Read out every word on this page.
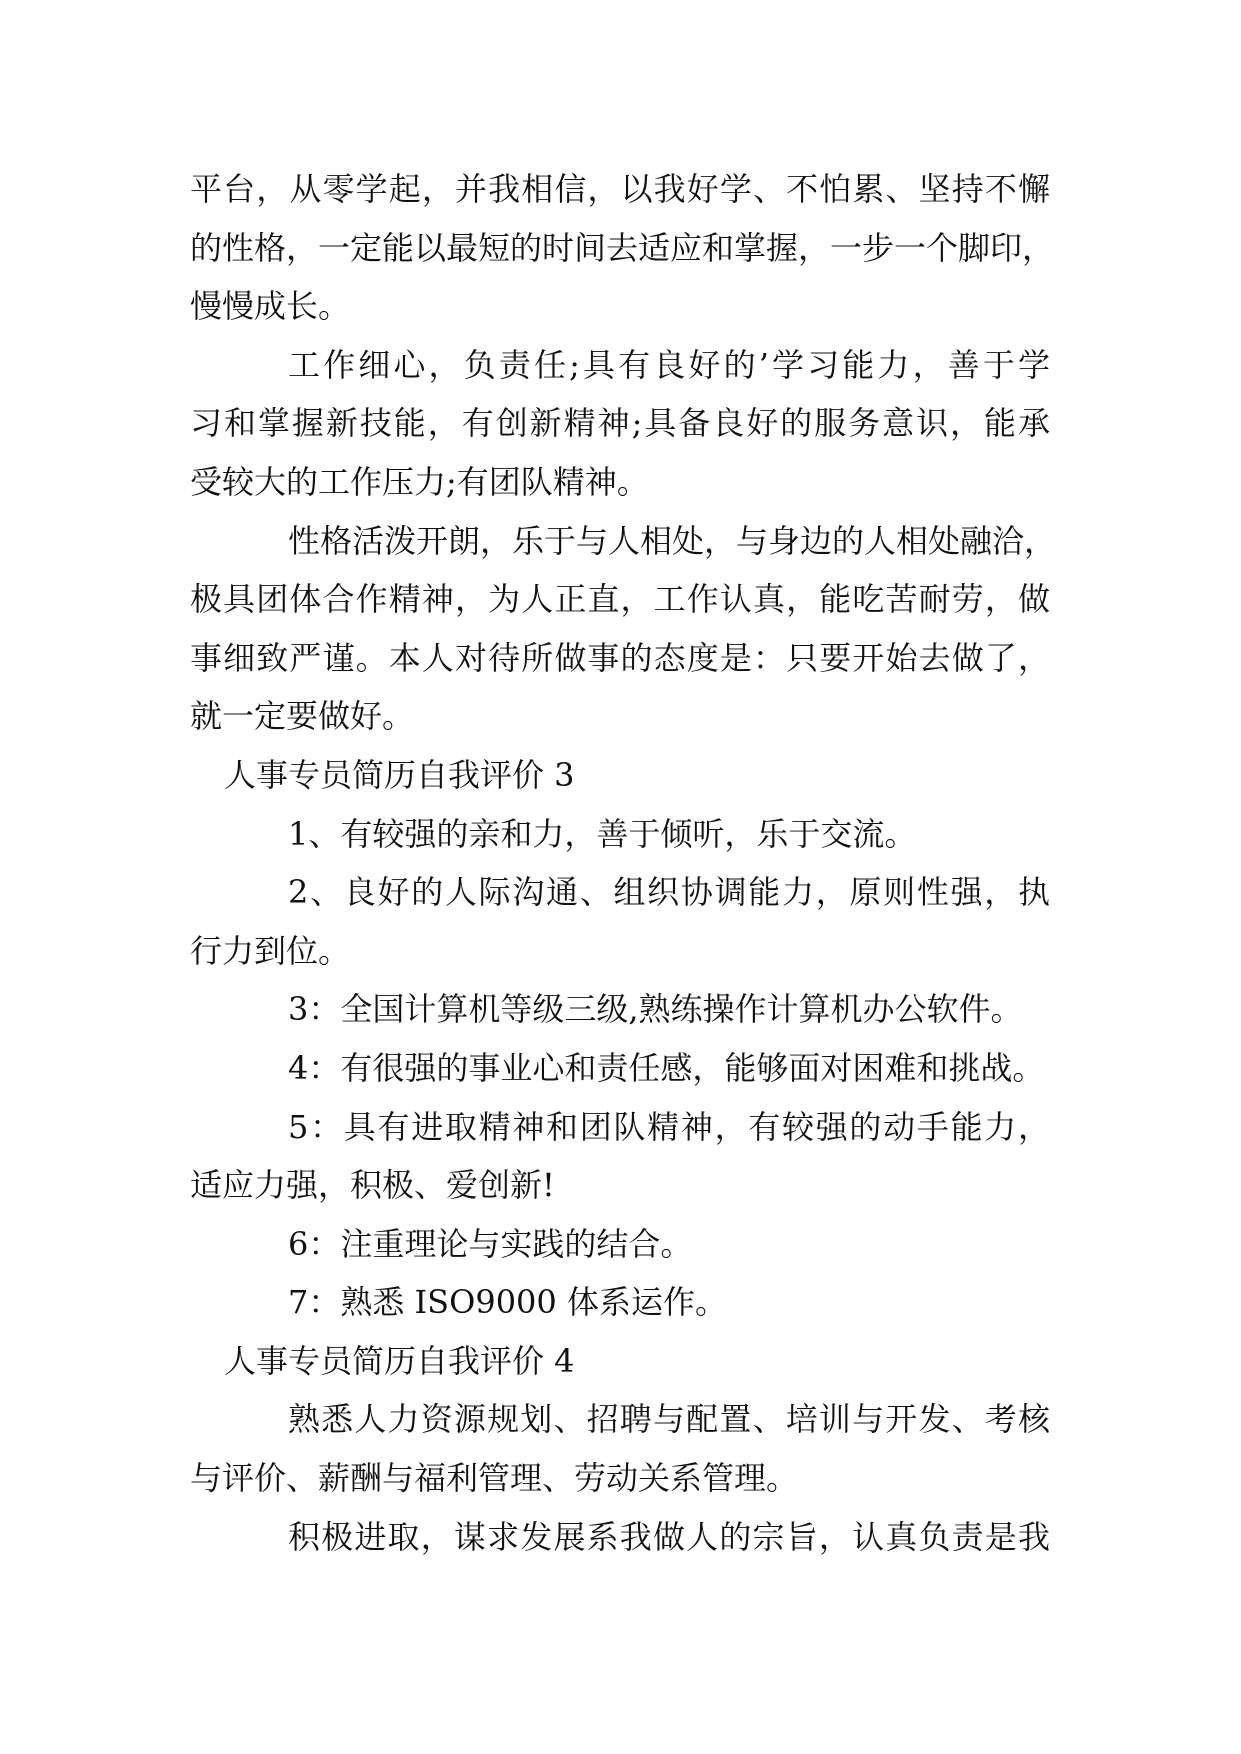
平台，从零学起，并我相信，以我好学、不怕累、坚持不懈
的性格，一定能以最短的时间去适应和掌握，一步一个脚印，
慢慢成长。
工作细心，负责任;具有良好的’学习能力，善于学
习和掌握新技能，有创新精神;具备良好的服务意识，能承
受较大的工作压力;有团队精神。
性格活泼开朗，乐于与人相处，与身边的人相处融洽，
极具团体合作精神，为人正直，工作认真，能吃苦耐劳，做
事细致严谨。本人对待所做事的态度是：只要开始去做了，
就一定要做好。
人事专员简历自我评价 3
1、有较强的亲和力，善于倾听，乐于交流。
2、良好的人际沟通、组织协调能力，原则性强，执
行力到位。
3：全国计算机等级三级,熟练操作计算机办公软件。
4：有很强的事业心和责任感，能够面对困难和挑战。
5：具有进取精神和团队精神，有较强的动手能力，
适应力强，积极、爱创新!
6：注重理论与实践的结合。
7：熟悉 ISO9000 体系运作。
人事专员简历自我评价 4
熟悉人力资源规划、招聘与配置、培训与开发、考核
与评价、薪酬与福利管理、劳动关系管理。
积极进取，谋求发展系我做人的宗旨，认真负责是我
